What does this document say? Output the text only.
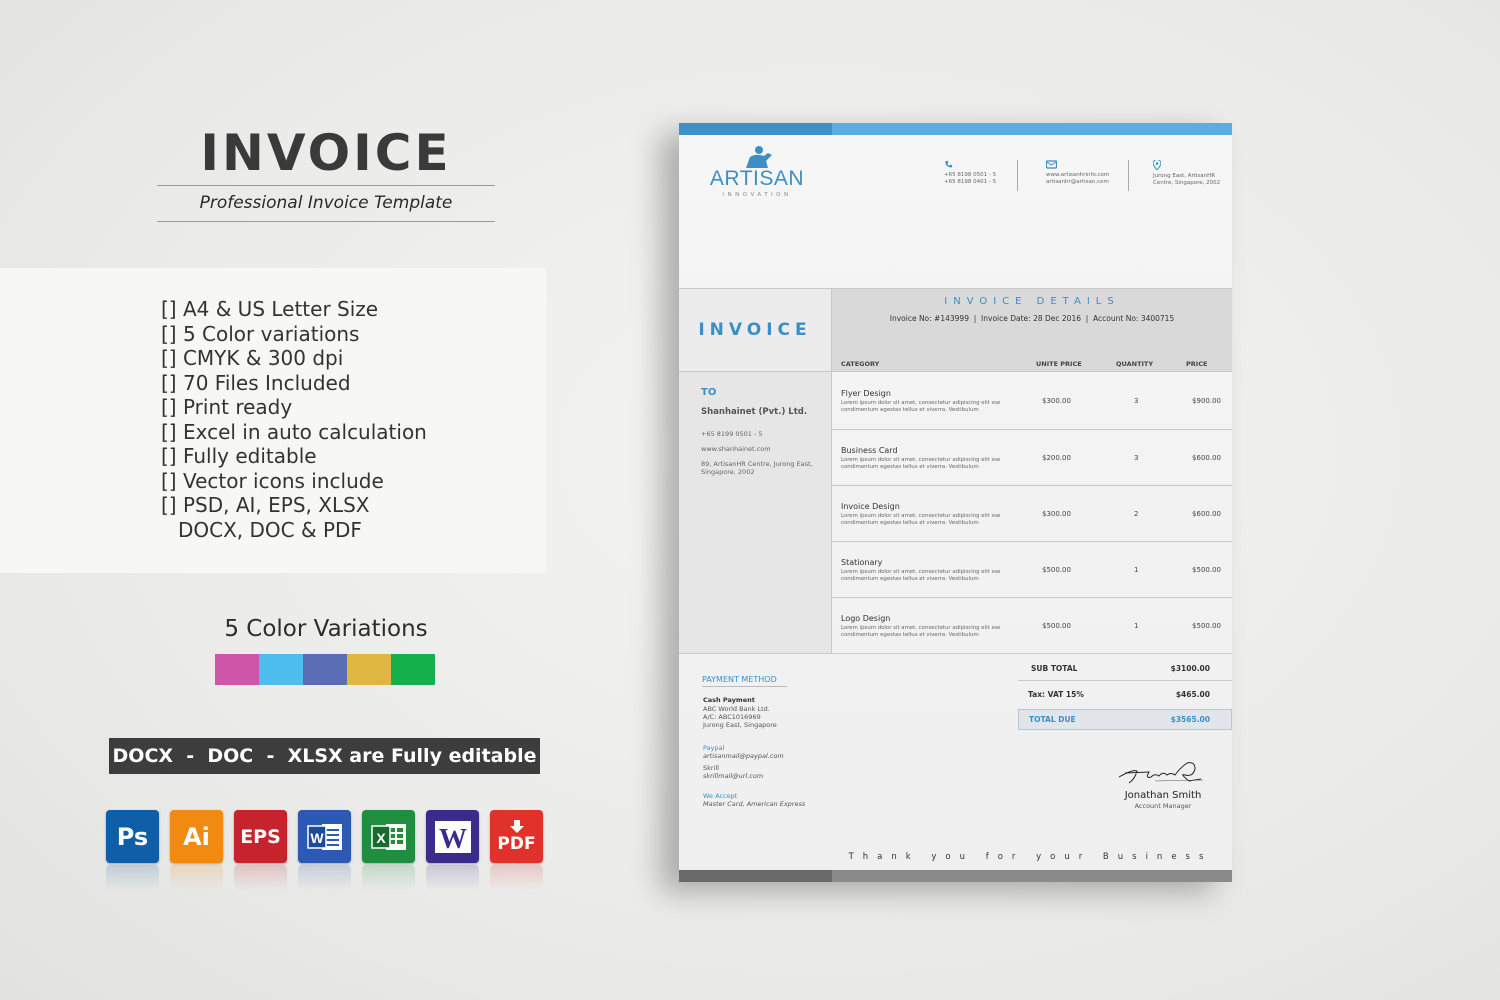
INVOICE
Professional Invoice Template
[] A4 & US Letter Size
[] 5 Color variations
[] CMYK & 300 dpi
[] 70 Files Included
[] Print ready
[] Excel in auto calculation
[] Fully editable
[] Vector icons include
[] PSD, AI, EPS, XLSX
DOCX, DOC & PDF
5 Color Variations
DOCX  -  DOC  -  XLSX are Fully editable
Ps Ai EPS W	X W PDF
ARTISAN
INNOVATION
+65 8198 0501 - 5
+65 8198 0401 - 5
www.artisanhrinfo.com
artisanhr@artisan.com
Jurong East, ArtisanHR
Centre, Singapore, 2002
INVOICE
INVOICE DETAILS
Invoice No: #143999  |  Invoice Date: 28 Dec 2016  |  Account No: 3400715
CATEGORY	UNITE PRICE	QUANTITY	PRICE
TO
Shanhainet (Pvt.) Ltd.
+65 8199 0501 - 5
www.shanhainet.com
89, ArtisanHR Centre, Jurong East, Singapore, 2002
Flyer Design
Lorem ipsum dolor sit amet, consectetur adipiscing elit sse condimentum egestas tellus et viverra. Vestibulum
$300.00	3	$900.00
Business Card
Lorem ipsum dolor sit amet, consectetur adipiscing elit sse condimentum egestas tellus et viverra. Vestibulum
$200.00	3	$600.00
Invoice Design
Lorem ipsum dolor sit amet, consectetur adipiscing elit sse condimentum egestas tellus et viverra. Vestibulum
$300.00	2	$600.00
Stationary
Lorem ipsum dolor sit amet, consectetur adipiscing elit sse condimentum egestas tellus et viverra. Vestibulum
$500.00	1	$500.00
Logo Design
Lorem ipsum dolor sit amet, consectetur adipiscing elit sse condimentum egestas tellus et viverra. Vestibulum
$500.00	1	$500.00
PAYMENT METHOD
Cash Payment
ABC World Bank Ltd.
A/C: ABC1016969
Jurong East, Singapore
Paypal
artisanmail@paypal.com
Skrill
skrillmail@url.com
We Accept
Master Card, American Express
SUB TOTAL	$3100.00
Tax: VAT 15%	$465.00
TOTAL DUE	$3565.00
Jonathan Smith
Account Manager
Thank you for your Business
